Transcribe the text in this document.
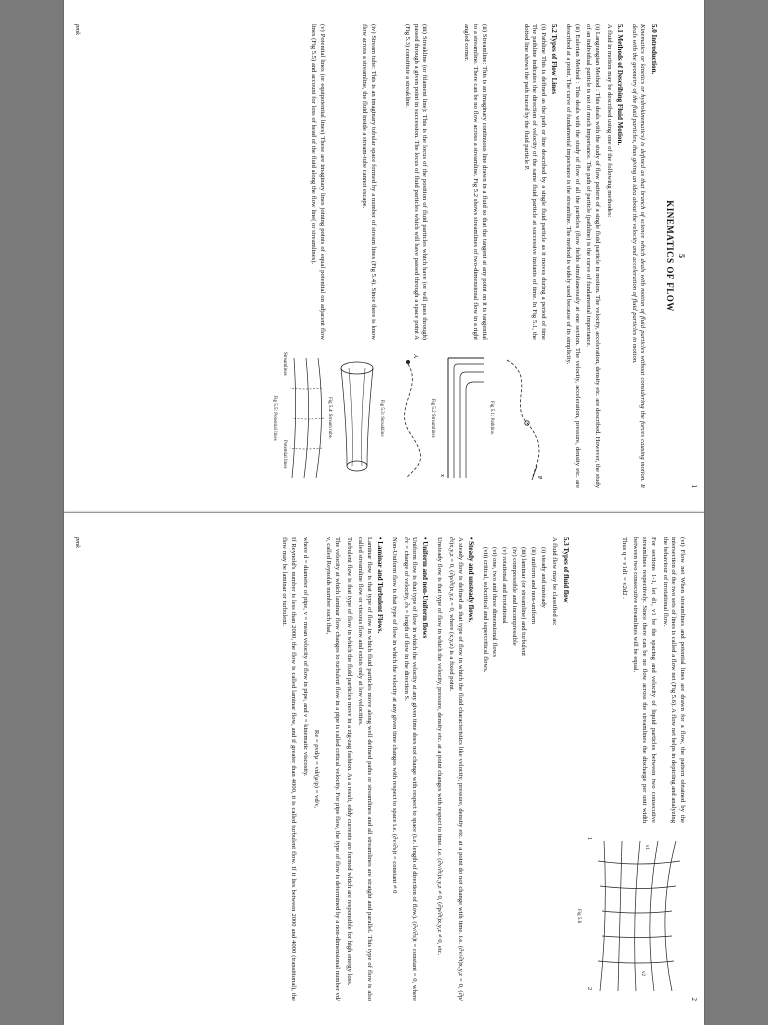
1
5
KINEMATICS OF FLOW
5.0 Introduction.

Kinematics or kinetics or hydrokinematics) is defined as that branch of science which deals with motion of fluid particles without considering the forces causing motion. It deals with the geometry of the fluid particles, thus giving an idea about the velocity and acceleration of fluid particles in motion.

5.1 Methods of Describing Fluid Motion.

A fluid in motion may be described using one of the following methodes:

(i) Langrangian Method : This deals with the study of flow pattern of a single fluid particle in motion. The velocity, acceleration, density etc. are described. However, the study of an individual particle is not of much importance. The path of particle (pathline) is the curve of fundamental importance.

(ii) Eulerian Method : This deals with the study of flow of all the particles (flow fields simultaneously at one section. The velocity, acceleration, pressure, density etc. are described at a point. The curve of fundamental importance is the streamline. The method is widely used because of its simplicity.

5.2 Types of Flow Lines

(i) Pathline This is defined as the path or line described by a single fluid particle as it moves during a period of time The pathline indicates the direction of velocity of the same fluid particle at successive instants of time. In Fig 5.1, the dotted line shows the path traced by the fluid particle P.

P
Fig 5.1: Pathline.

(ii) Streamline: This is an imaginary continuous line drawn in a fluid so that the tangent at any point on it is tangential to a streamline. There can be no flow across a streamline. Fig 5.2 shows streamlines of two-dimensional flow in a right angled corner.

x
Fig 5.2 Streamlines

(iii) Streakline (or filament line): This is the locus of the position of fluid particles which have (or will pass through) passed through a given point in succession. The locus of fluid particles which will have passed through a space point A (Fig 5.3) constitute a streakline.

A
Fig 5.3: Streakline

(iv) Stream tube: This is an imaginary tubular space formed by a number of stream lines (Fig 5.4). Since there is know flow across a streamline, the fluid inside a stream-tube cannot escape.

Fig 5.4: Stream tube.

(v) Potential lines (or equipotential lines) These are imaginary lines joining points of equal potential on adjacent flow lines (Fig 5.5) and account for loss of head of the fluid along the flow line( or streamlines).

Streamlines
Potential lines
Fig 5.5: Potential lines
pmk
2

(vi) Flow net When streamlines and potential lines are drawn for a flow, the pattern obtained by the intersection of the two sets of lines is called a flow net (Fig 5.6). A flow net helps in depicting and analyzing the behaviour of irrotational flow.

For sections 1-1, let d1, v1 be the spacing and velocity of liquid particles between two consecutive streamlines respectively. Since there can be no flow across the streamlines the discharge per unit width between two consecutive streamlines will be equal.

Thus q = v1d1 = v2d2 .

1
2
v1
v2
Fig 5.6
5.3 Types of fluid flow

A fluid flow may be classified as:

(i) steady and unsteady
(ii) uniform and non-uniform
(iii) laminar (or streamline) and turbulent
(iv) compressible and incompressible
(v) rotational and irrotational
(vi) one, two and three dimensional flows
(vii) critical, subcritical and supercritical flows.
• Steady and unsteady flows.

A steady flow is defined as that type of flow in which the fluid characteristics like velocity, pressure, density etc. at a point do not change with time. i.e. (∂v/∂t)x,y,z = 0, (∂p/∂t)x,y,z = 0, (∂ρ/∂t)x,y,z = 0, where (x,y,z) is a fixed point.

Unsteady flow is that type of flow in which the velocity, pressure, density etc. at a point changes with respect to time. i.e. (∂v/∂t)x,y,z ≠ 0, (∂p/∂t)x,y,z ≠ 0, etc.

• Uniform and non-Uniform flows

Uniform flow is that type of flow in which the velocity at any given time does not change with respect to space (i.e. length of direction of flow). (∂v/∂s)t = constant = 0, where ∂v = change of velocity, ∂s = length of flow in the direction S.

Non-Uniform flow is that type of flow in which the velocity at any given time changes with respect to space i.e. (∂v/∂s)t = constant ≠ 0

• Laminar and Turbulent Flows.

Laminar flow is that type of flow in which fluid particles move along well defined paths or streamlines and all streamlines are straight and parallel. This type of flow is also called streamline flow or viscous flow and exists only at low velocities.

Turbulent flow is that type of flow in which the fluid particles move in a zig-zag fashion. As a result, eddy currents are formed which are responsible for high energy loss.

The velocity at which laminar flow changes to turbulent flow in a pipe is called critical velocity. For pipe flow, the type of flow is determined by a non-dimensional number vd/ν, called Reynolds number such that,

Re = ρvd/μ = vd/(μ/ρ) = vd/ν,

where d = diameter of pipe, v = mean velocity of flow in pipe, and ν = kinematic viscosity.

If Reynold's number is less than 2000, the flow is called laminar flow, and if greater than 4000, it is called turbulent flow. If it lies between 2000 and 4000 (transitional), the flow may be laminar or turbulent.

pmk
